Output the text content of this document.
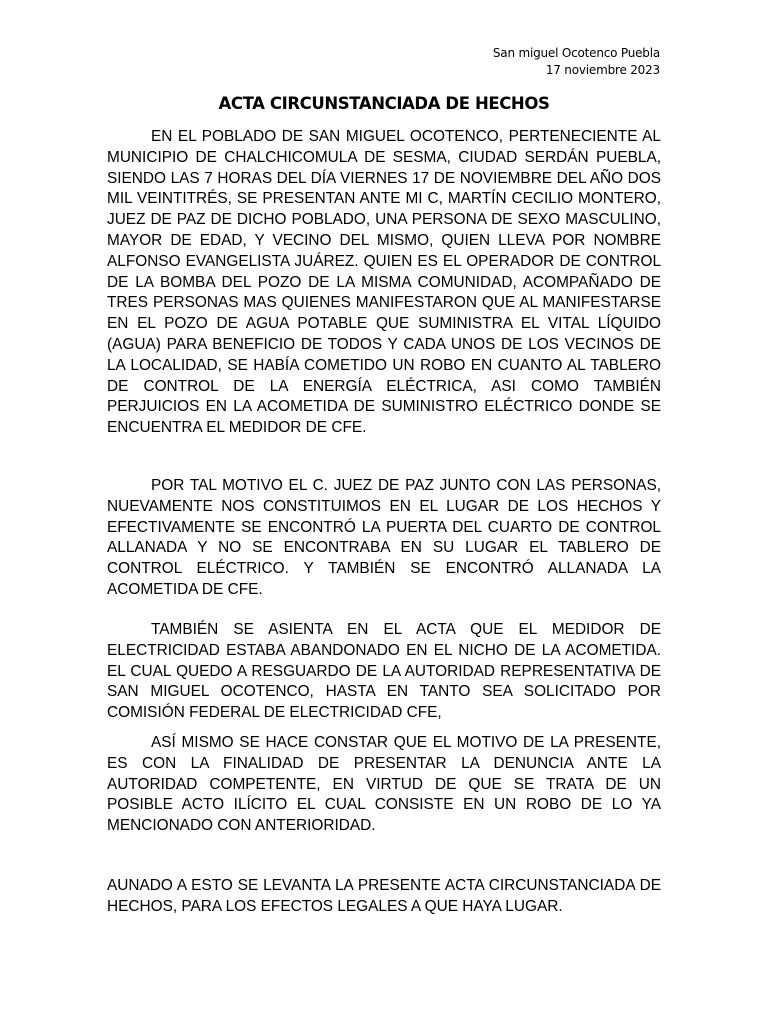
San miguel Ocotenco Puebla
17 noviembre 2023
ACTA CIRCUNSTANCIADA DE HECHOS

EN EL POBLADO DE SAN MIGUEL OCOTENCO, PERTENECIENTE AL MUNICIPIO DE CHALCHICOMULA DE SESMA, CIUDAD SERDÁN PUEBLA, SIENDO LAS 7 HORAS DEL DÍA VIERNES 17 DE NOVIEMBRE DEL AÑO DOS MIL VEINTITRÉS, SE PRESENTAN ANTE MI C, MARTÍN CECILIO MONTERO, JUEZ DE PAZ DE DICHO POBLADO, UNA PERSONA DE SEXO MASCULINO, MAYOR DE EDAD, Y VECINO DEL MISMO, QUIEN LLEVA POR NOMBRE ALFONSO EVANGELISTA JUÁREZ. QUIEN ES EL OPERADOR DE CONTROL DE LA BOMBA DEL POZO DE LA MISMA COMUNIDAD, ACOMPAÑADO DE TRES PERSONAS MAS QUIENES MANIFESTARON QUE AL MANIFESTARSE EN EL POZO DE AGUA POTABLE QUE SUMINISTRA EL VITAL LÍQUIDO (AGUA) PARA BENEFICIO DE TODOS Y CADA UNOS DE LOS VECINOS DE LA LOCALIDAD, SE HABÍA COMETIDO UN ROBO EN CUANTO AL TABLERO DE CONTROL DE LA ENERGÍA ELÉCTRICA, ASI COMO TAMBIÉN PERJUICIOS EN LA ACOMETIDA DE SUMINISTRO ELÉCTRICO DONDE SE ENCUENTRA EL MEDIDOR DE CFE.

POR TAL MOTIVO EL C. JUEZ DE PAZ JUNTO CON LAS PERSONAS, NUEVAMENTE NOS CONSTITUIMOS EN EL LUGAR DE LOS HECHOS Y EFECTIVAMENTE SE ENCONTRÓ LA PUERTA DEL CUARTO DE CONTROL ALLANADA Y NO SE ENCONTRABA EN SU LUGAR EL TABLERO DE CONTROL ELÉCTRICO. Y TAMBIÉN SE ENCONTRÓ ALLANADA LA ACOMETIDA DE CFE.

TAMBIÉN SE ASIENTA EN EL ACTA QUE EL MEDIDOR DE ELECTRICIDAD ESTABA ABANDONADO EN EL NICHO DE LA ACOMETIDA. EL CUAL QUEDO A RESGUARDO DE LA AUTORIDAD REPRESENTATIVA DE SAN MIGUEL OCOTENCO, HASTA EN TANTO SEA SOLICITADO POR COMISIÓN FEDERAL DE ELECTRICIDAD CFE,

ASÍ MISMO SE HACE CONSTAR QUE EL MOTIVO DE LA PRESENTE, ES CON LA FINALIDAD DE PRESENTAR LA DENUNCIA ANTE LA AUTORIDAD COMPETENTE, EN VIRTUD DE QUE SE TRATA DE UN POSIBLE ACTO ILÍCITO EL CUAL CONSISTE EN UN ROBO DE LO YA MENCIONADO CON ANTERIORIDAD.

AUNADO A ESTO SE LEVANTA LA PRESENTE ACTA CIRCUNSTANCIADA DE HECHOS, PARA LOS EFECTOS LEGALES A QUE HAYA LUGAR.
